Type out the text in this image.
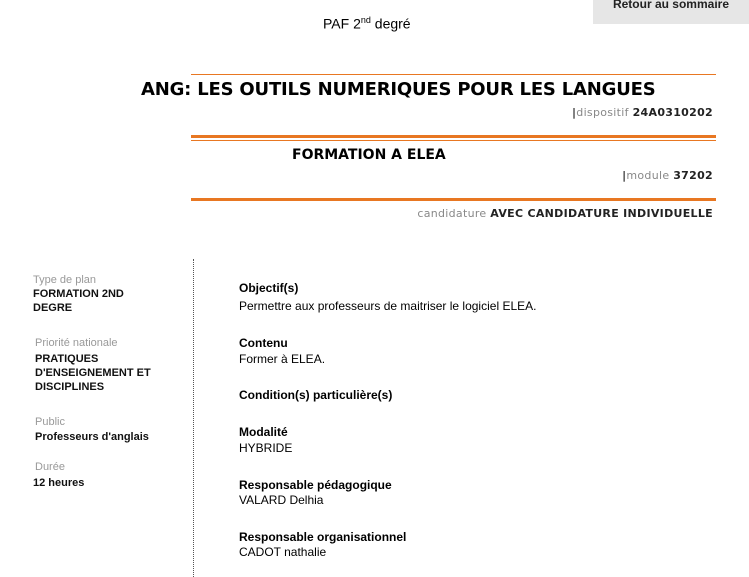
Retour au sommaire
PAF 2nd degré
ANG: LES OUTILS NUMERIQUES POUR LES LANGUES
|dispositif 24A0310202
FORMATION A ELEA
|module 37202
candidature AVEC CANDIDATURE INDIVIDUELLE
Type de plan
FORMATION 2ND DEGRE
Priorité nationale
PRATIQUES D'ENSEIGNEMENT ET DISCIPLINES
Public
Professeurs d'anglais
Durée
12 heures
Objectif(s)
Permettre aux professeurs de maitriser le logiciel ELEA.
Contenu
Former à ELEA.
Condition(s) particulière(s)
Modalité
HYBRIDE
Responsable pédagogique
VALARD Delhia
Responsable organisationnel
CADOT nathalie
